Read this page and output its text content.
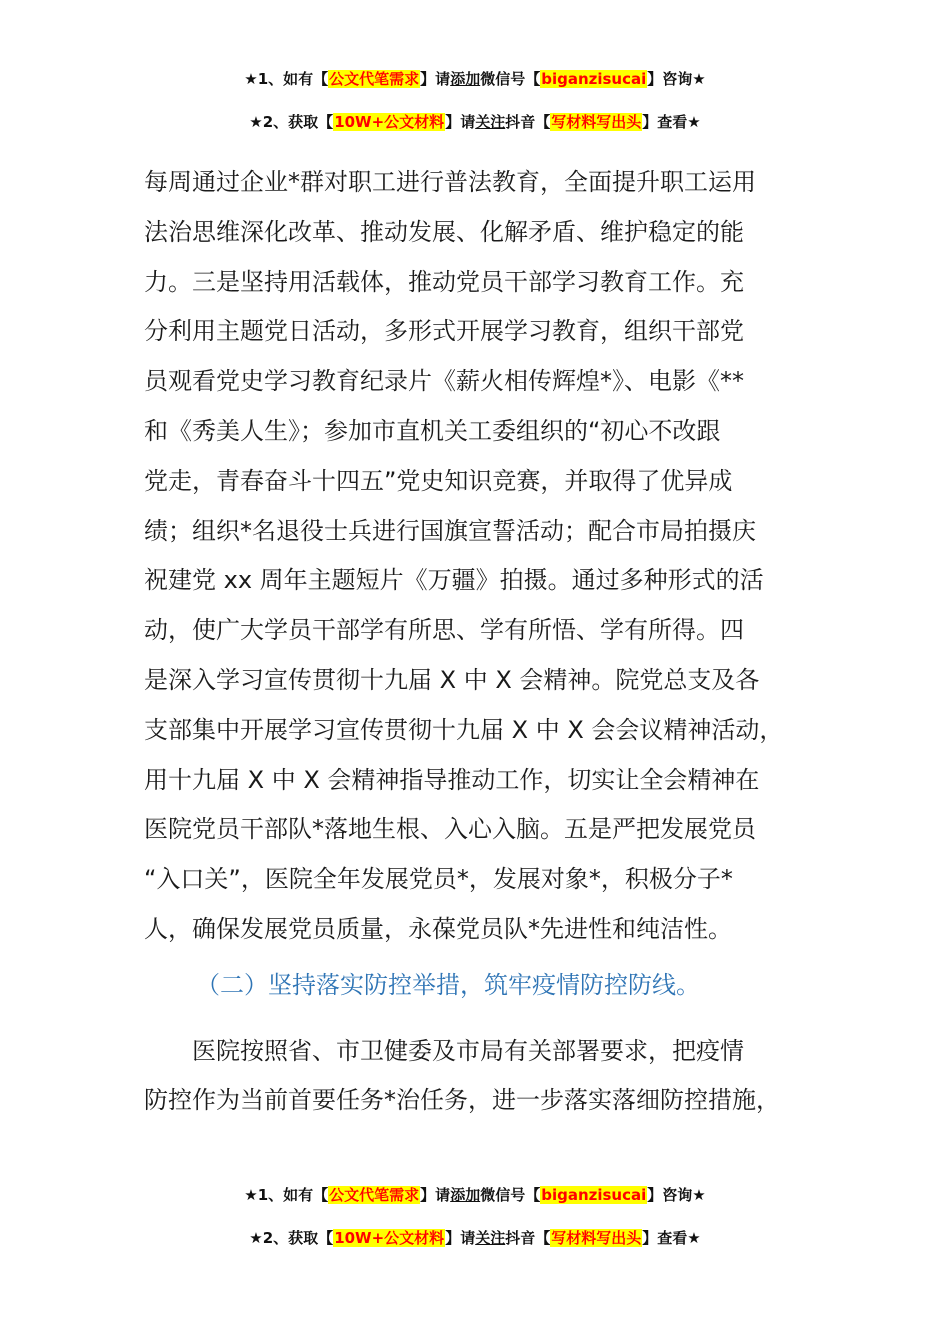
★1、如有【公文代笔需求】请添加微信号【biganzisucai】咨询★
★2、获取【10W+公文材料】请关注抖音【写材料写出头】查看★
每周通过企业*群对职工进行普法教育，全面提升职工运用
法治思维深化改革、推动发展、化解矛盾、维护稳定的能
力。三是坚持用活载体，推动党员干部学习教育工作。充
分利用主题党日活动，多形式开展学习教育，组织干部党
员观看党史学习教育纪录片《薪火相传辉煌*》、电影《**
和《秀美人生》；参加市直机关工委组织的“初心不改跟
党走，青春奋斗十四五”党史知识竞赛，并取得了优异成
绩；组织*名退役士兵进行国旗宣誓活动；配合市局拍摄庆
祝建党 xx 周年主题短片《万疆》拍摄。通过多种形式的活
动，使广大学员干部学有所思、学有所悟、学有所得。四
是深入学习宣传贯彻十九届 X 中 X 会精神。院党总支及各
支部集中开展学习宣传贯彻十九届 X 中 X 会会议精神活动，
用十九届 X 中 X 会精神指导推动工作，切实让全会精神在
医院党员干部队*落地生根、入心入脑。五是严把发展党员
“入口关”，医院全年发展党员*，发展对象*，积极分子*
人，确保发展党员质量，永葆党员队*先进性和纯洁性。
（二）坚持落实防控举措，筑牢疫情防控防线。
医院按照省、市卫健委及市局有关部署要求，把疫情
防控作为当前首要任务*治任务，进一步落实落细防控措施，
★1、如有【公文代笔需求】请添加微信号【biganzisucai】咨询★
★2、获取【10W+公文材料】请关注抖音【写材料写出头】查看★
